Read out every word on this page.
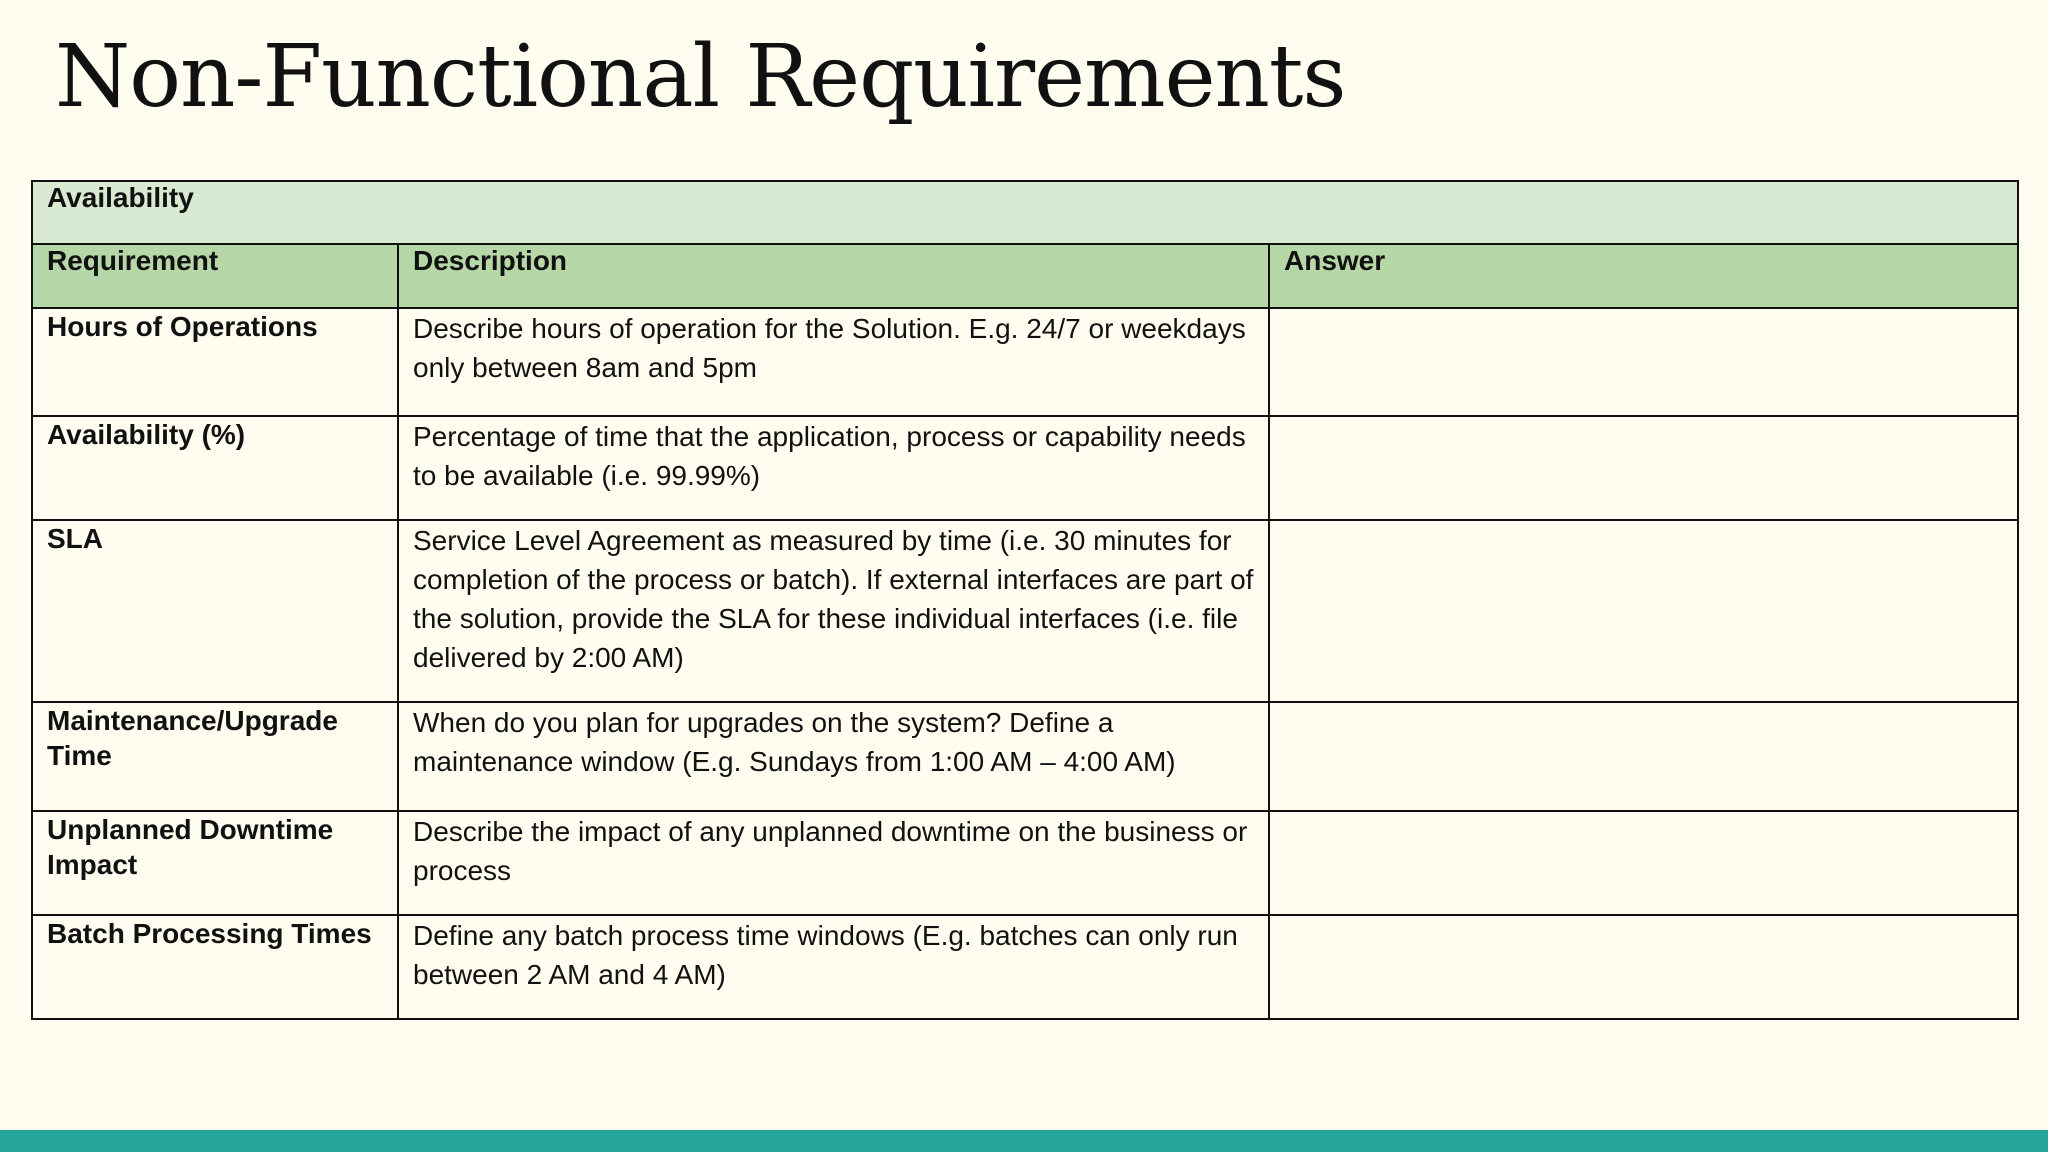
Non-Functional Requirements
Availability		
Requirement	Description	Answer
Hours of Operations	Describe hours of operation for the Solution. E.g. 24/7 or weekdays only between 8am and 5pm	
Availability (%)	Percentage of time that the application, process or capability needs to be available (i.e. 99.99%)	
SLA	Service Level Agreement as measured by time (i.e. 30 minutes for completion of the process or batch). If external interfaces are part of the solution, provide the SLA for these individual interfaces (i.e. file delivered by 2:00 AM)	
Maintenance/Upgrade Time	When do you plan for upgrades on the system? Define a maintenance window (E.g. Sundays from 1:00 AM – 4:00 AM)	
Unplanned Downtime Impact	Describe the impact of any unplanned downtime on the business or process	
Batch Processing Times	Define any batch process time windows (E.g. batches can only run between 2 AM and 4 AM)	
